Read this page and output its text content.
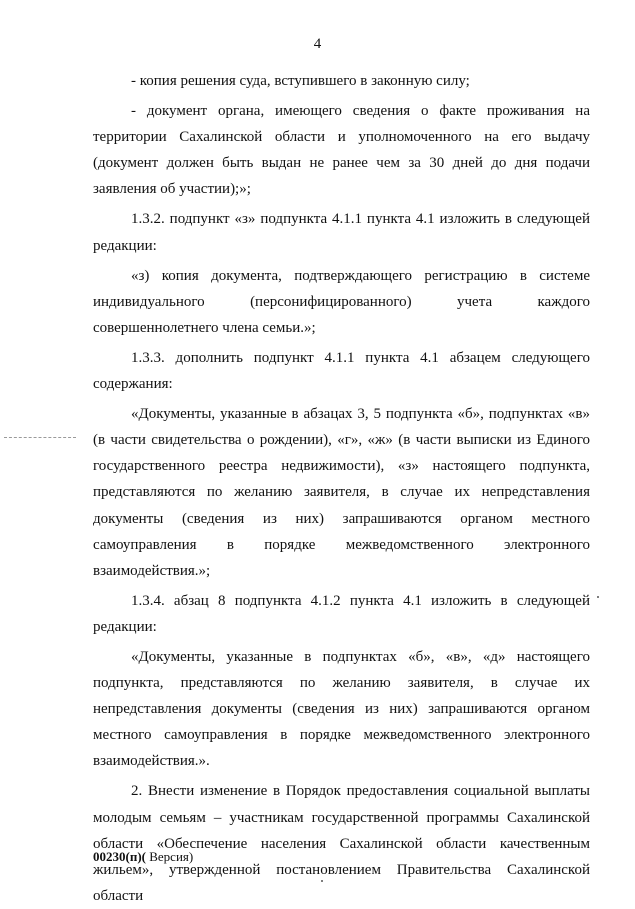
4

- копия решения суда, вступившего в законную силу;

- документ органа, имеющего сведения о факте проживания на территории Сахалинской области и уполномоченного на его выдачу (документ должен быть выдан не ранее чем за 30 дней до дня подачи заявления об участии);»;

1.3.2. подпункт «з» подпункта 4.1.1 пункта 4.1 изложить в следующей редакции:

«з) копия документа, подтверждающего регистрацию в системе индивидуального (персонифицированного) учета каждого совершеннолетнего члена семьи.»;

1.3.3. дополнить подпункт 4.1.1 пункта 4.1 абзацем следующего содержания:

«Документы, указанные в абзацах 3, 5 подпункта «б», подпунктах «в» (в части свидетельства о рождении), «г», «ж» (в части выписки из Единого государственного реестра недвижимости), «з» настоящего подпункта, представляются по желанию заявителя, в случае их непредставления документы (сведения из них) запрашиваются органом местного самоуправления в порядке межведомственного электронного взаимодействия.»;

1.3.4. абзац 8 подпункта 4.1.2 пункта 4.1 изложить в следующей редакции:

«Документы, указанные в подпунктах «б», «в», «д» настоящего подпункта, представляются по желанию заявителя, в случае их непредставления документы (сведения из них) запрашиваются органом местного самоуправления в порядке межведомственного электронного взаимодействия.».

2. Внести изменение в Порядок предоставления социальной выплаты молодым семьям – участникам государственной программы Сахалинской области «Обеспечение населения Сахалинской области качественным жильем», утвержденной постановлением Правительства Сахалинской области

00230(п)( Версия)
